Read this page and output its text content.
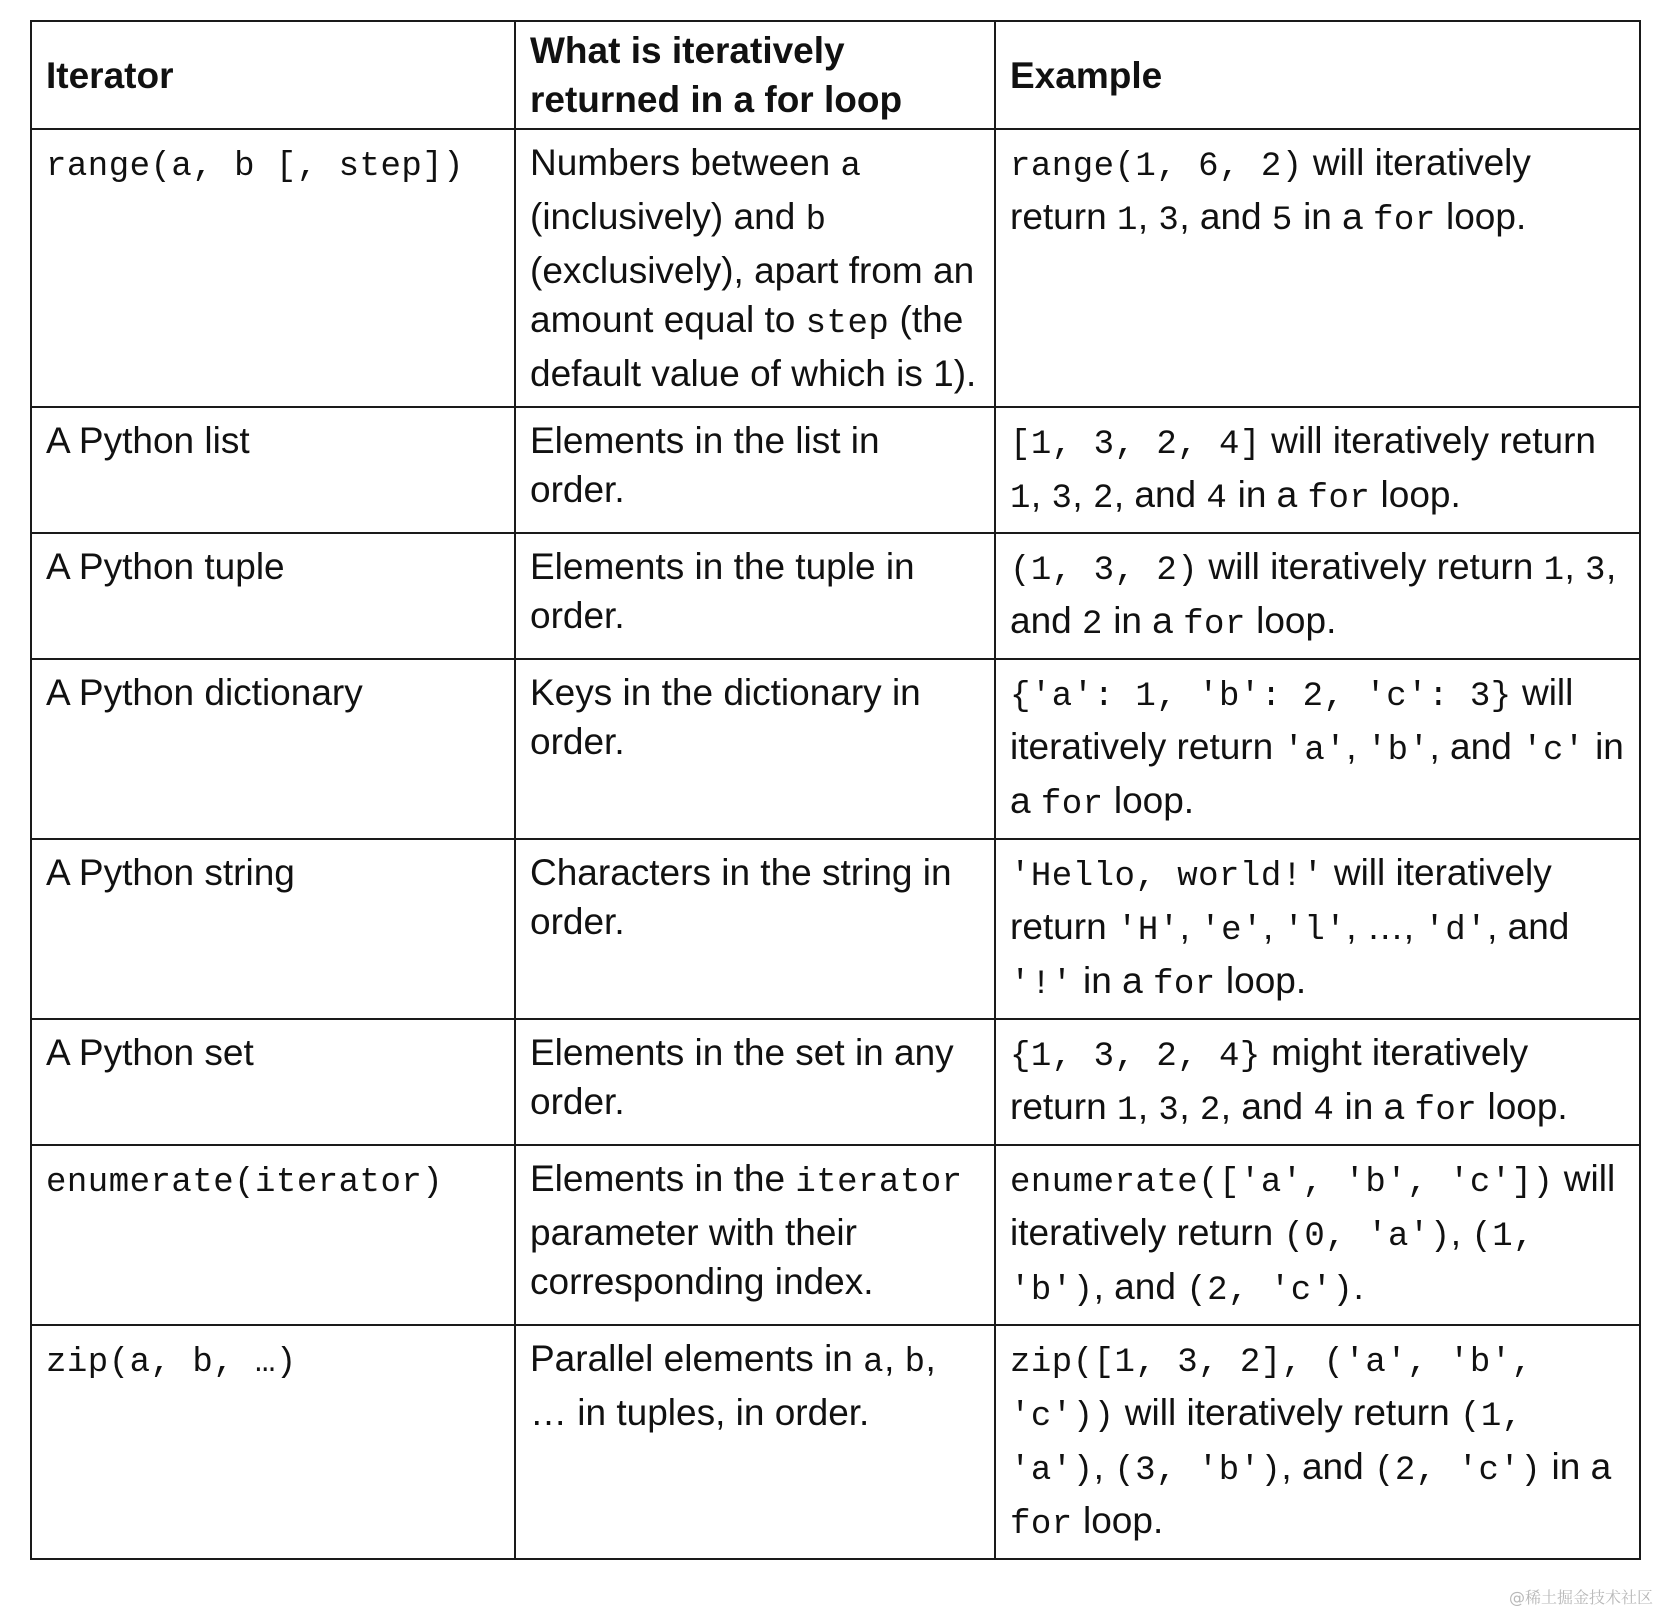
Iterator	What is iteratively returned in a for loop	Example
range(a, b [, step])	Numbers between a (inclusively) and b (exclusively), apart from an amount equal to step (the default value of which is 1).	range(1, 6, 2) will iteratively return 1, 3, and 5 in a for loop.
A Python list	Elements in the list in order.	[1, 3, 2, 4] will iteratively return 1, 3, 2, and 4 in a for loop.
A Python tuple	Elements in the tuple in order.	(1, 3, 2) will iteratively return 1, 3, and 2 in a for loop.
A Python dictionary	Keys in the dictionary in order.	{'a': 1, 'b': 2, 'c': 3} will iteratively return 'a', 'b', and 'c' in a for loop.
A Python string	Characters in the string in order.	'Hello, world!' will iteratively return 'H', 'e', 'l', …, 'd', and '!' in a for loop.
A Python set	Elements in the set in any order.	{1, 3, 2, 4} might iteratively return 1, 3, 2, and 4 in a for loop.
enumerate(iterator)	Elements in the iterator parameter with their corresponding index.	enumerate(['a', 'b', 'c']) will iteratively return (0, 'a'), (1, 'b'), and (2, 'c').
zip(a, b, …)	Parallel elements in a, b, … in tuples, in order.	zip([1, 3, 2], ('a', 'b', 'c')) will iteratively return (1, 'a'), (3, 'b'), and (2, 'c') in a for loop.
@稀土掘金技术社区
